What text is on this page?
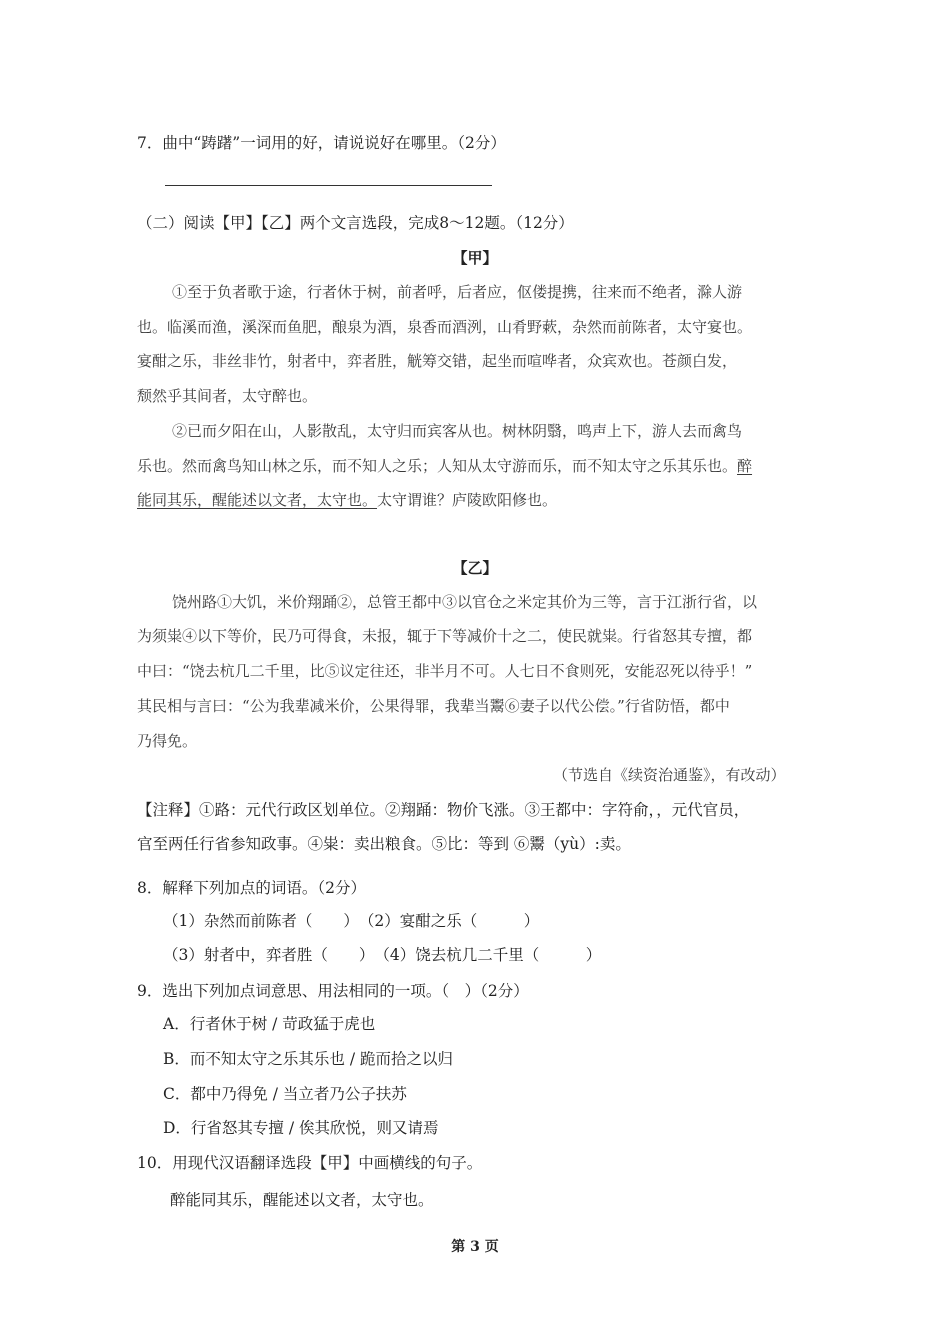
7．曲中“踌躇”一词用的好，请说说好在哪里。（2分）
（二）阅读【甲】【乙】两个文言选段，完成8～12题。（12分）
【甲】
①至于负者歌于途，行者休于树，前者呼，后者应，伛偻提携，往来而不绝者，滁人游
也。临溪而渔，溪深而鱼肥，酿泉为酒，泉香而酒洌，山肴野蔌，杂然而前陈者，太守宴也。
宴酣之乐，非丝非竹，射者中，弈者胜，觥筹交错，起坐而喧哗者，众宾欢也。苍颜白发，
颓然乎其间者，太守醉也。
②已而夕阳在山，人影散乱，太守归而宾客从也。树林阴翳，鸣声上下，游人去而禽鸟
乐也。然而禽鸟知山林之乐，而不知人之乐；人知从太守游而乐，而不知太守之乐其乐也。醉
能同其乐，醒能述以文者，太守也。太守谓谁？庐陵欧阳修也。
【乙】
饶州路①大饥，米价翔踊②，总管王都中③以官仓之米定其价为三等，言于江浙行省，以
为须粜④以下等价，民乃可得食，未报，辄于下等减价十之二，使民就粜。行省怒其专擅，都
中曰：“饶去杭几二千里，比⑤议定往还，非半月不可。人七日不食则死，安能忍死以待乎！”
其民相与言曰：“公为我辈减米价，公果得罪，我辈当鬻⑥妻子以代公偿。”行省防悟，都中
乃得免。
（节选自《续资治通鉴》，有改动）
【注释】①路：元代行政区划单位。②翔踊：物价飞涨。③王都中：字符俞，，元代官员，
官至两任行省参知政事。④粜：卖出粮食。⑤比：等到 ⑥鬻（yù）:卖。
8．解释下列加点的词语。（2分）
（1）杂然而前陈者（　　）　（2）宴酣之乐（　　　）
（3）射者中，弈者胜（　　）　（4）饶去杭几二千里（　　　）
9．选出下列加点词意思、用法相同的一项。（　）（2分）
A．行者休于树 / 苛政猛于虎也
B．而不知太守之乐其乐也 / 跪而拾之以归
C．都中乃得免 / 当立者乃公子扶苏
D．行省怒其专擅 / 俟其欣悦，则又请焉
10．用现代汉语翻译选段【甲】中画横线的句子。
醉能同其乐，醒能述以文者，太守也。
第 3 页
